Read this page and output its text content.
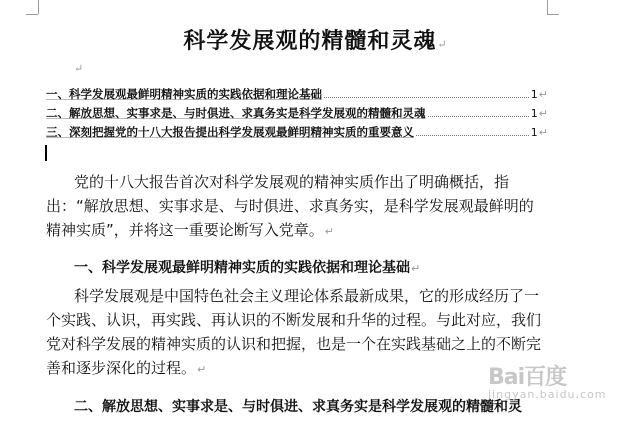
科学发展观的精髓和灵魂↵
↵
一、科学发展观最鲜明精神实质的实践依据和理论基础	1 ↵
二、解放思想、实事求是、与时俱进、求真务实是科学发展观的精髓和灵魂	1 ↵
三、深刻把握党的十八大报告提出科学发展观最鲜明精神实质的重要意义	1 ↵
党的十八大报告首次对科学发展观的精神实质作出了明确概括，指出：“解放思想、实事求是、与时俱进、求真务实，是科学发展观最鲜明的精神实质”，并将这一重要论断写入党章。↵
一、科学发展观最鲜明精神实质的实践依据和理论基础↵
科学发展观是中国特色社会主义理论体系最新成果，它的形成经历了一个实践、认识，再实践、再认识的不断发展和升华的过程。与此对应，我们党对科学发展的精神实质的认识和把握，也是一个在实践基础之上的不断完善和逐步深化的过程。↵
二、解放思想、实事求是、与时俱进、求真务实是科学发展观的精髓和灵
Bai百度
jingyan.baidu.com
